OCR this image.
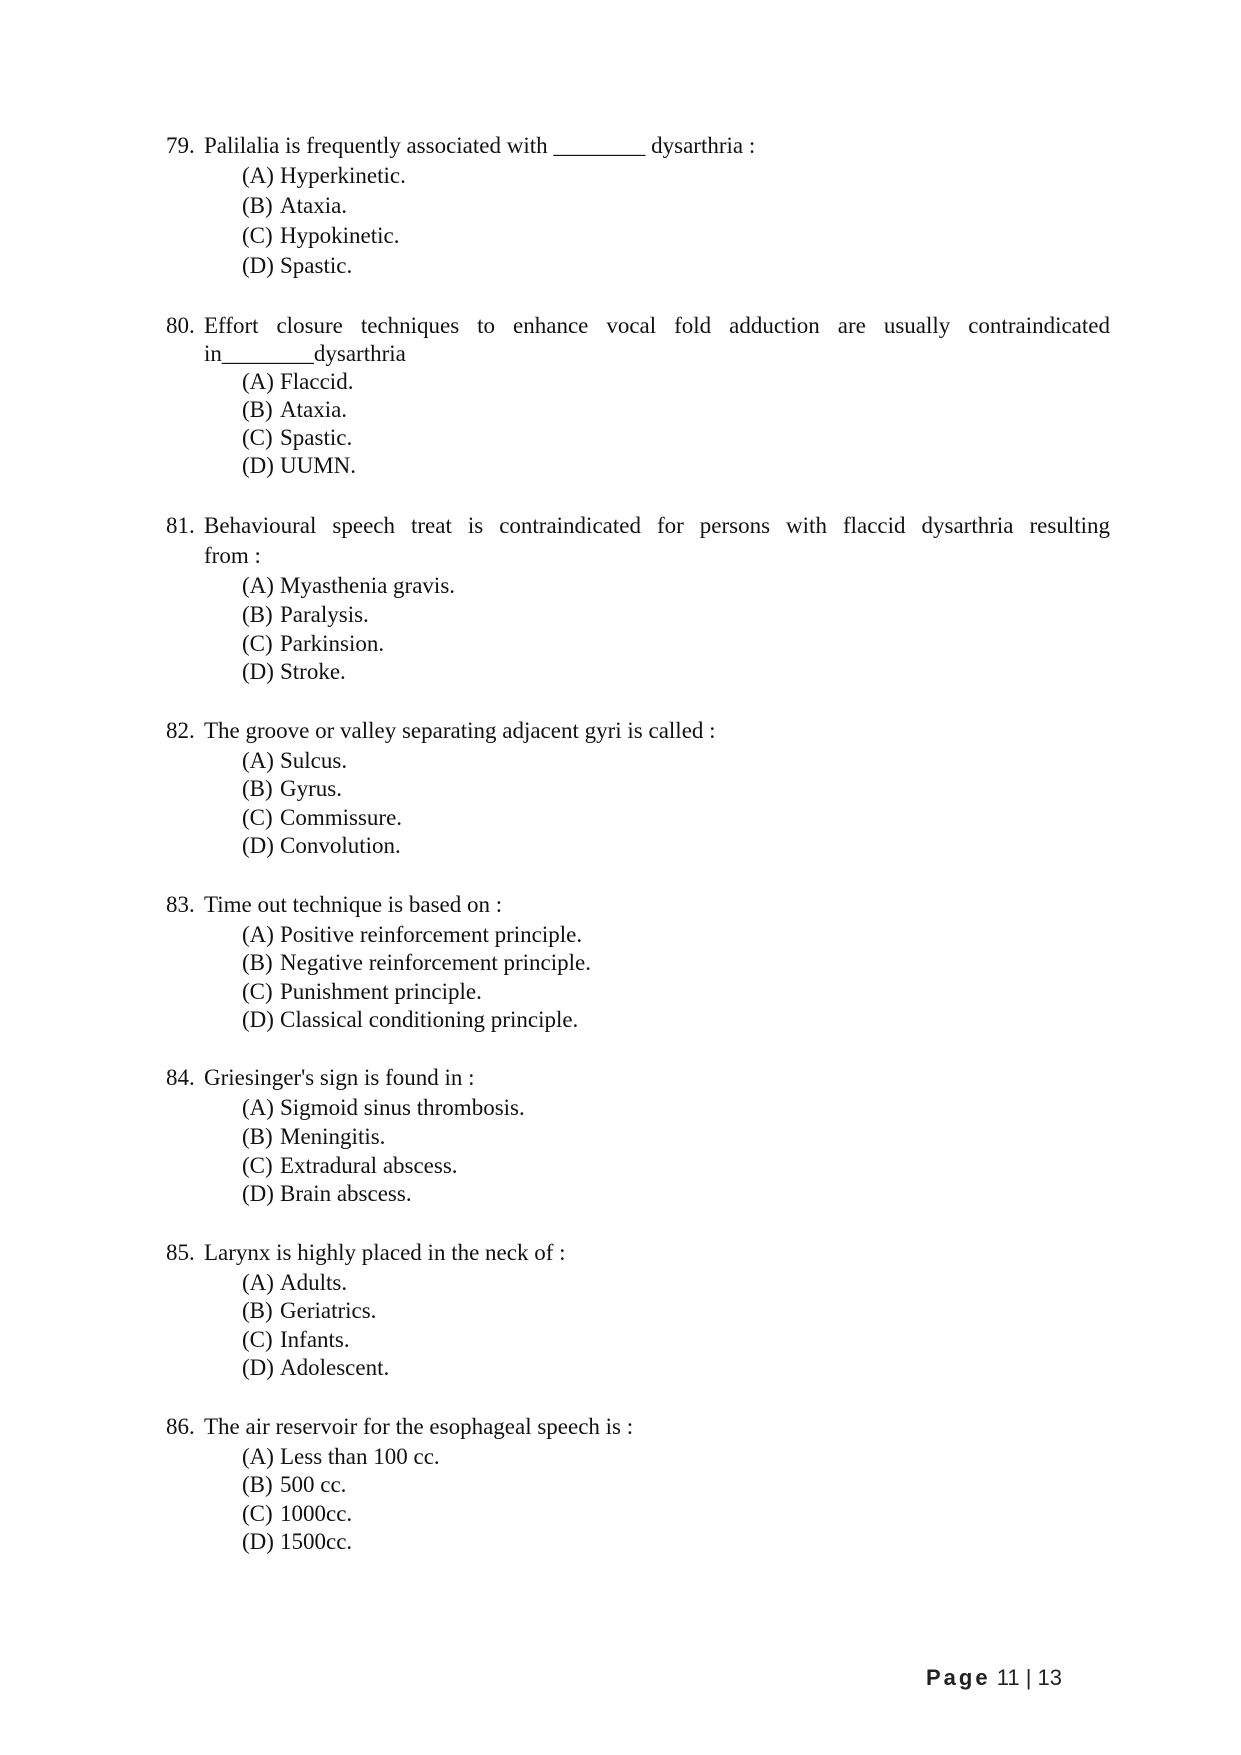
79. Palilalia is frequently associated with ________ dysarthria :
(A) Hyperkinetic.
(B) Ataxia.
(C) Hypokinetic.
(D) Spastic.
80. Effort closure techniques to enhance vocal fold adduction are usually contraindicated
in________dysarthria
(A) Flaccid.
(B) Ataxia.
(C) Spastic.
(D) UUMN.
81. Behavioural speech treat is contraindicated for persons with flaccid dysarthria resulting
from :
(A) Myasthenia gravis.
(B) Paralysis.
(C) Parkinsion.
(D) Stroke.
82. The groove or valley separating adjacent gyri is called :
(A) Sulcus.
(B) Gyrus.
(C) Commissure.
(D) Convolution.
83. Time out technique is based on :
(A) Positive reinforcement principle.
(B) Negative reinforcement principle.
(C) Punishment principle.
(D) Classical conditioning principle.
84. Griesinger's sign is found in :
(A) Sigmoid sinus thrombosis.
(B) Meningitis.
(C) Extradural abscess.
(D) Brain abscess.
85. Larynx is highly placed in the neck of :
(A) Adults.
(B) Geriatrics.
(C) Infants.
(D) Adolescent.
86. The air reservoir for the esophageal speech is :
(A) Less than 100 cc.
(B) 500 cc.
(C) 1000cc.
(D) 1500cc.
Page 11 | 13
